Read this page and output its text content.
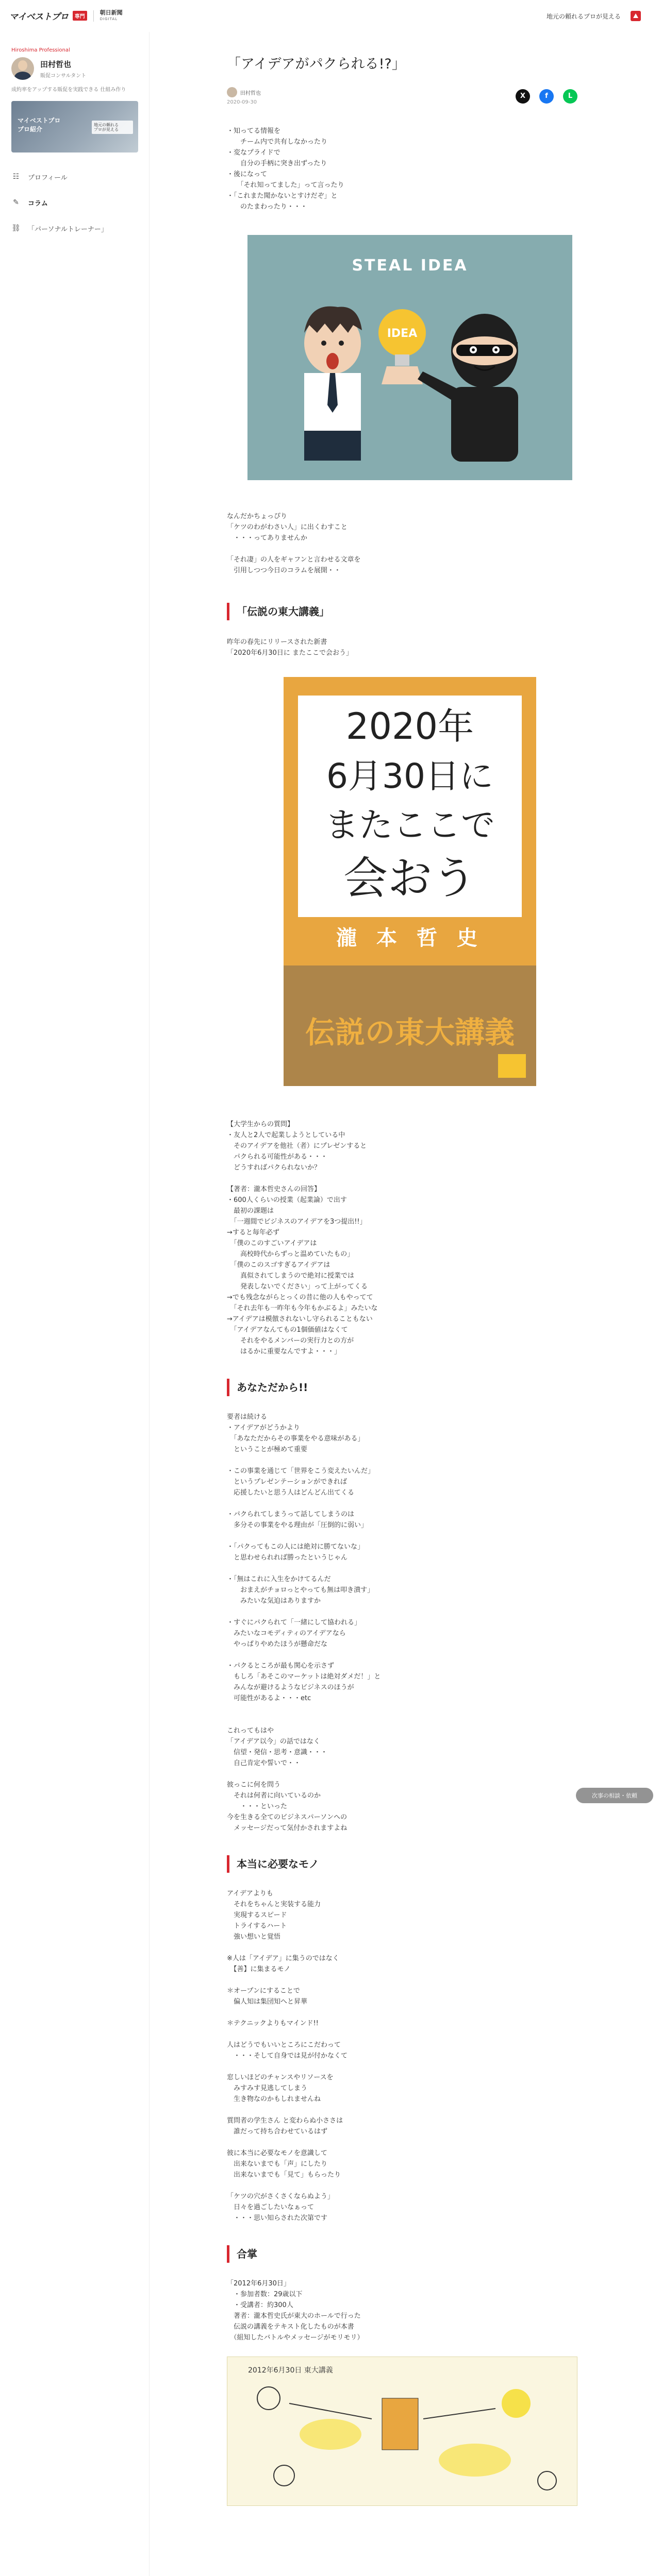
マイベストプロ	専門
朝日新聞
DIGITAL	地元の頼れるプロが見える
Hiroshima Professional
田村哲也
販促コンサルタント
成約率をアップする販促を実践できる 仕組み作り
マイベストプロ
プロ紹介
地元の頼れる
プロが見える
☷ プロフィール
✎ コラム
⛓ 「パーソナルトレーナー」
「アイデアがパクられる!?」
田村哲也
2020-09-30
X	f	L
・知ってる情報を
　　チーム内で共有しなかったり
・変なプライドで
　　自分の手柄に突き出ずったり
・後になって
　　「それ知ってました」って言ったり
・「これまた聞かないとすけだぞ」と
　　のたまわったり・・・
STEAL IDEA
IDEA
なんだかちょっぴり
「ケツのわがわさい人」に出くわすこと
　・・・ってありませんか

「それ凄」の人をギャフンと言わせる文章を
　引用しつつ今日のコラムを展開・・
「伝説の東大講義」
昨年の春先にリリースされた新書
「2020年6月30日に またここで会おう」
2020年
6月30日に
またここで
会おう
瀧 本 哲 史
伝説の東大講義
【大学生からの質問】
・友人と2人で起業しようとしている中
　そのアイデアを他社（者）にプレゼンすると
　パクられる可能性がある・・・
　どうすればパクられないか？

【著者：瀧本哲史さんの回答】
・600人くらいの授業（起業論）で出す
　最初の課題は
　「一週間でビジネスのアイデアを3つ提出!!」
→すると毎年必ず
　「僕のこのすごいアイデアは
　　高校時代からずっと温めていたもの」
　「僕のこのスゴすぎるアイデアは
　　真似されてしまうので絶対に授業では
　　発表しないでください」って上がってくる
→でも残念ながらとっくの昔に他の人もやってて
　「それ去年も一昨年も今年もかぶるよ」みたいな
→アイデアは模倣されないし守られることもない
　「アイデアなんてもの1個価値はなくて
　　それをやるメンバーの実行力との方が
　　はるかに重要なんですよ・・・」
あなただから!!
要者は続ける
・アイデアがどうかより
　「あなただからその事業をやる意味がある」
　ということが極めて重要

・この事業を通じて「世界をこう変えたいんだ」
　というプレゼンテーションができれば
　応援したいと思う人はどんどん出てくる

・パクられてしまうって話してしまうのは
　多分その事業をやる理由が「圧倒的に弱い」

・「パクってもこの人には絶対に勝てないな」
　と思わせられれば勝ったというじゃん

・「無はこれに入生をかけてるんだ
　　おまえがチョロっとやっても無は叩き潰す」
　　みたいな気迫はありますか

・すぐにパクられて「一緒にして協われる」
　みたいなコモディティのアイデアなら
　やっぱりやめたほうが懸命だな

・パクるところが最も関心を示さず
　もしろ「あそこのマーケットは絶対ダメだ！」と
　みんなが避けるようなビジネスのほうが
　可能性があるよ・・・etc

これってもはや
「アイデア以今」の話ではなく
　信望・発信・思考・意識・・・
　自己肯定や誓いで・・

彼っこに何を問う
　それは何者に向いているのか
　　・・・といった
今を生きる全てのビジネスパーソンへの
　メッセージだって気付かされますよね
本当に必要なモノ
アイデアよりも
　それをちゃんと実装する能力
　実現するスピード
　トライするハート
　強い想いと覚悟

※人は「アイデア」に集うのではなく
　【善】に集まるモノ

＊オープンにすることで
　偏人知は集団知へと昇華

＊テクニックよりもマインド!!

人はどうでもいいところにこだわって
　・・・そして自身では見が付かなくて

窓しいほどのチャンスやリソースを
　みすみす見逃してしまう
　生き物なのかもしれませんね

質問者の学生さん と変わらぬ小ささは
　誰だって持ち合わせているはず

彼に本当に必要なモノを意識して
　出来ないまでも「声」にしたり
　出来ないまでも「見て」もらったり

「ケツの穴がさくさくならぬよう」
　日々を過ごしたいなぁって
　・・・思い知らされた次第です
合掌
「2012年6月30日」
　・参加者数：29歳以下
　・受講者：約300人
　著者：瀧本哲史氏が東大のホールで行った
　伝説の講義をテキスト化したものが本書
　（組知したバトルやメッセージがモリモリ）
2012年6月30日 東大講義
次事の相談・依頼
